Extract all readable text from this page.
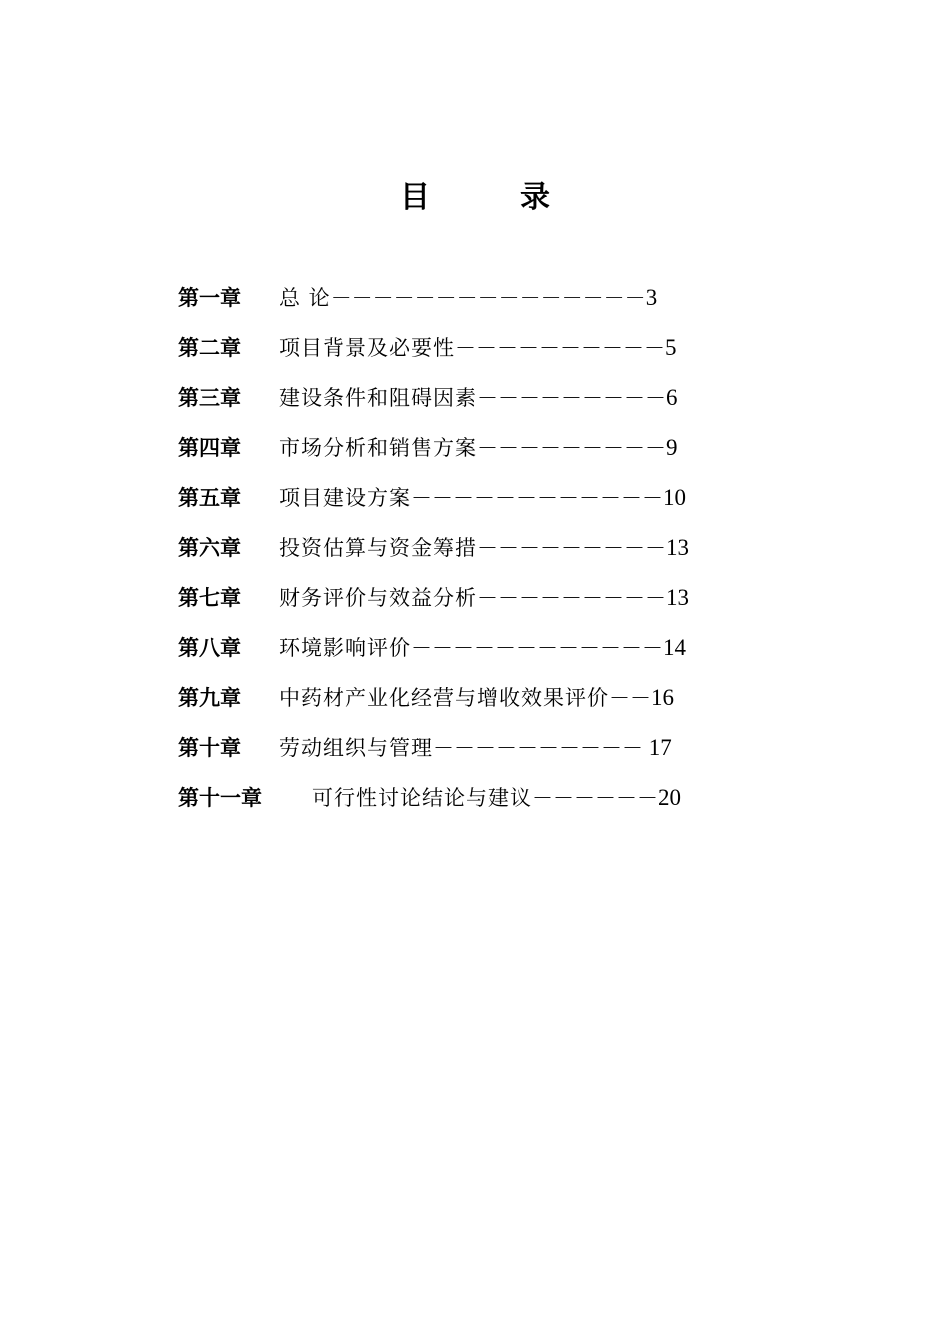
目　录
第一章 总 论－－－－－－－－－－－－－－－3
第二章 项目背景及必要性－－－－－－－－－－5
第三章 建设条件和阻碍因素－－－－－－－－－6
第四章 市场分析和销售方案－－－－－－－－－9
第五章 项目建设方案－－－－－－－－－－－－10
第六章 投资估算与资金筹措－－－－－－－－－13
第七章 财务评价与效益分析－－－－－－－－－13
第八章 环境影响评价－－－－－－－－－－－－14
第九章 中药材产业化经营与增收效果评价－－16
第十章 劳动组织与管理－－－－－－－－－－ 17
第十一章 可行性讨论结论与建议－－－－－－20
